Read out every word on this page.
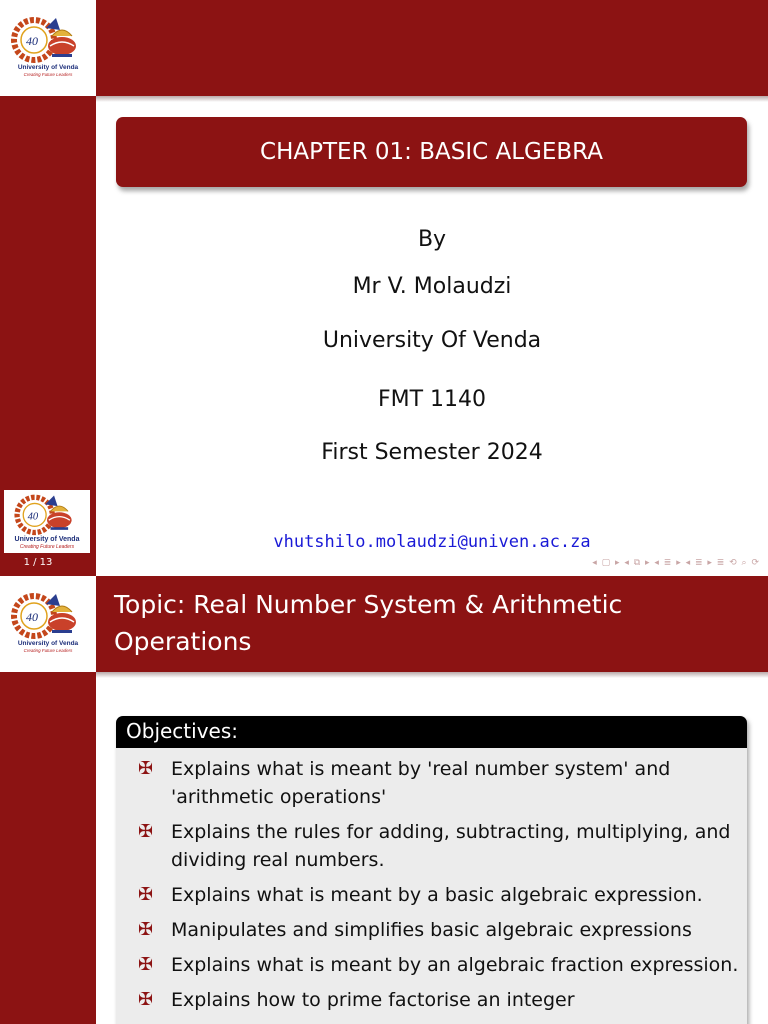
40
University of Venda
Creating Future Leaders
CHAPTER 01: BASIC ALGEBRA
By
Mr V. Molaudzi
University Of Venda
FMT 1140
First Semester 2024
vhutshilo.molaudzi@univen.ac.za
40
University of Venda
Creating Future Leaders
1 / 13	◂ ▢ ▸ ◂ ⧉ ▸ ◂ ≣ ▸ ◂ ≣ ▸ ≣ ⟲ ⌕ ⟳
Topic: Real Number System & Arithmetic Operations
40
University of Venda
Creating Future Leaders
Objectives:
✠ Explains what is meant by 'real number system' and 'arithmetic operations'
✠ Explains the rules for adding, subtracting, multiplying, and dividing real numbers.
✠ Explains what is meant by a basic algebraic expression.
✠ Manipulates and simplifies basic algebraic expressions
✠ Explains what is meant by an algebraic fraction expression.
✠ Explains how to prime factorise an integer
